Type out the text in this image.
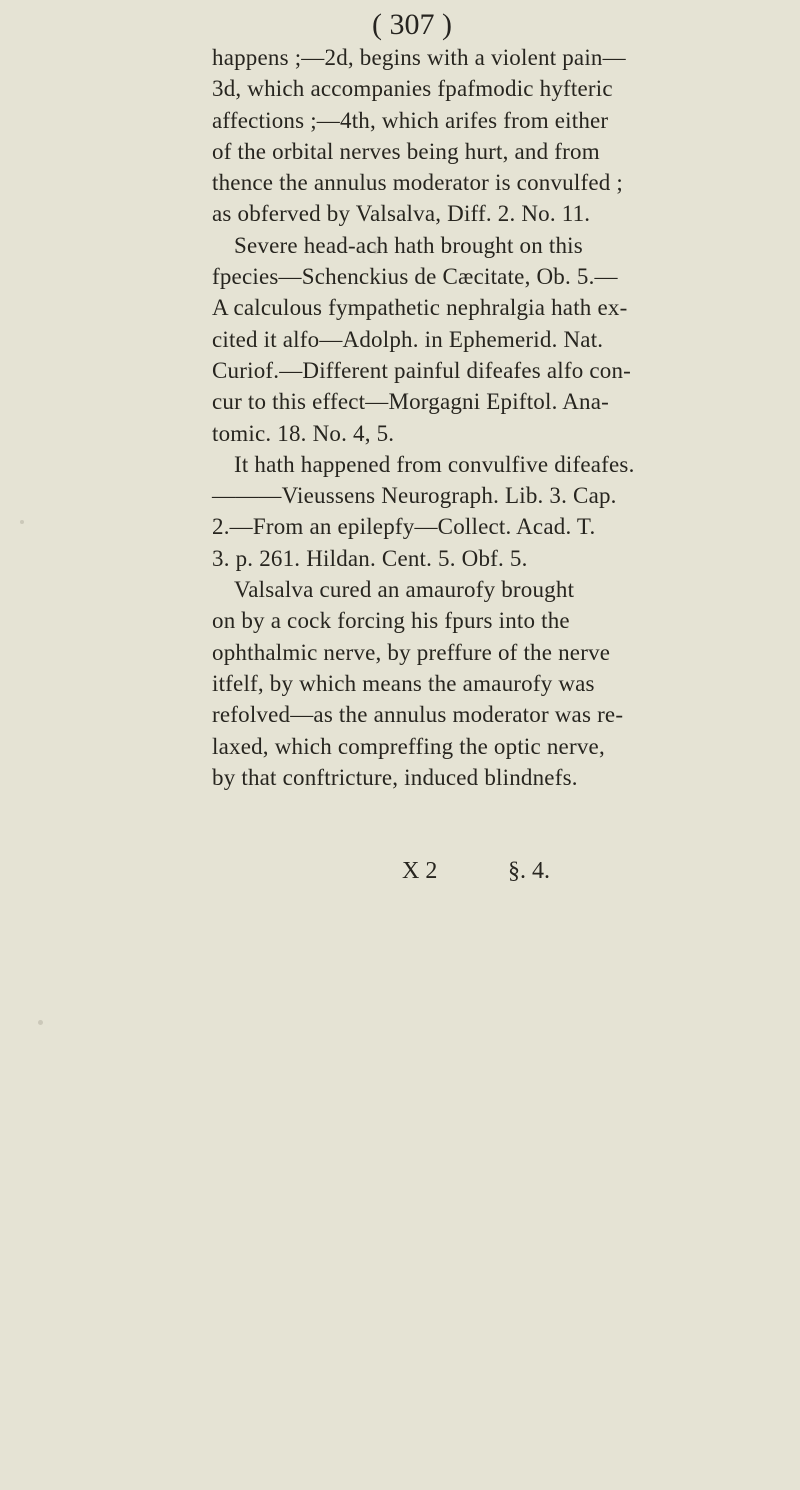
( 307 )
happens ;—2d, begins with a violent pain—
3d, which accompanies fpafmodic hyfteric
affections ;—4th, which arifes from either
of the orbital nerves being hurt, and from
thence the annulus moderator is convulfed ;
as obferved by Valsalva, Diff. 2. No. 11.
Severe head-ach hath brought on this
fpecies—Schenckius de Cæcitate, Ob. 5.—
A calculous fympathetic nephralgia hath ex-
cited it alfo—Adolph. in Ephemerid. Nat.
Curiof.—Different painful difeafes alfo con-
cur to this effect—Morgagni Epiftol. Ana-
tomic. 18. No. 4, 5.
It hath happened from convulfive difeafes.
———Vieussens Neurograph. Lib. 3. Cap.
2.—From an epilepfy—Collect. Acad. T.
3. p. 261. Hildan. Cent. 5. Obf. 5.
Valsalva cured an amaurofy brought
on by a cock forcing his fpurs into the
ophthalmic nerve, by preffure of the nerve
itfelf, by which means the amaurofy was
refolved—as the annulus moderator was re-
laxed, which compreffing the optic nerve,
by that conftricture, induced blindnefs.
X 2	§. 4.
